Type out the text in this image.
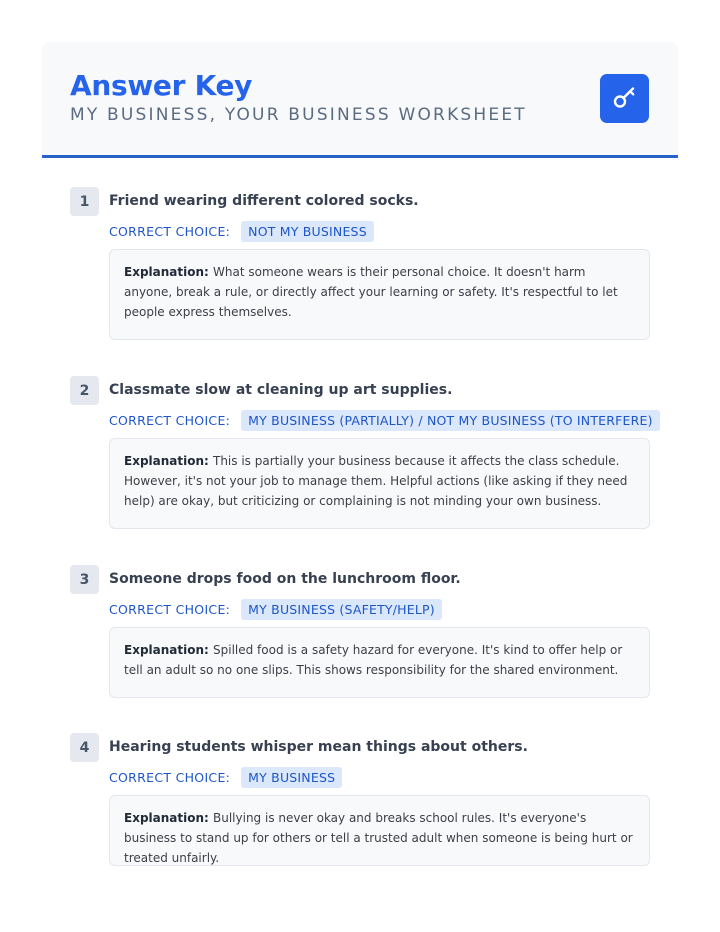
Answer Key
MY BUSINESS, YOUR BUSINESS WORKSHEET
1	Friend wearing different colored socks.
CORRECT CHOICE:	NOT MY BUSINESS
Explanation: What someone wears is their personal choice. It doesn't harm anyone, break a rule, or directly affect your learning or safety. It's respectful to let people express themselves.
2	Classmate slow at cleaning up art supplies.
CORRECT CHOICE:	MY BUSINESS (PARTIALLY) / NOT MY BUSINESS (TO INTERFERE)
Explanation: This is partially your business because it affects the class schedule. However, it's not your job to manage them. Helpful actions (like asking if they need help) are okay, but criticizing or complaining is not minding your own business.
3	Someone drops food on the lunchroom floor.
CORRECT CHOICE:	MY BUSINESS (SAFETY/HELP)
Explanation: Spilled food is a safety hazard for everyone. It's kind to offer help or tell an adult so no one slips. This shows responsibility for the shared environment.
4	Hearing students whisper mean things about others.
CORRECT CHOICE:	MY BUSINESS
Explanation: Bullying is never okay and breaks school rules. It's everyone's business to stand up for others or tell a trusted adult when someone is being hurt or treated unfairly.
